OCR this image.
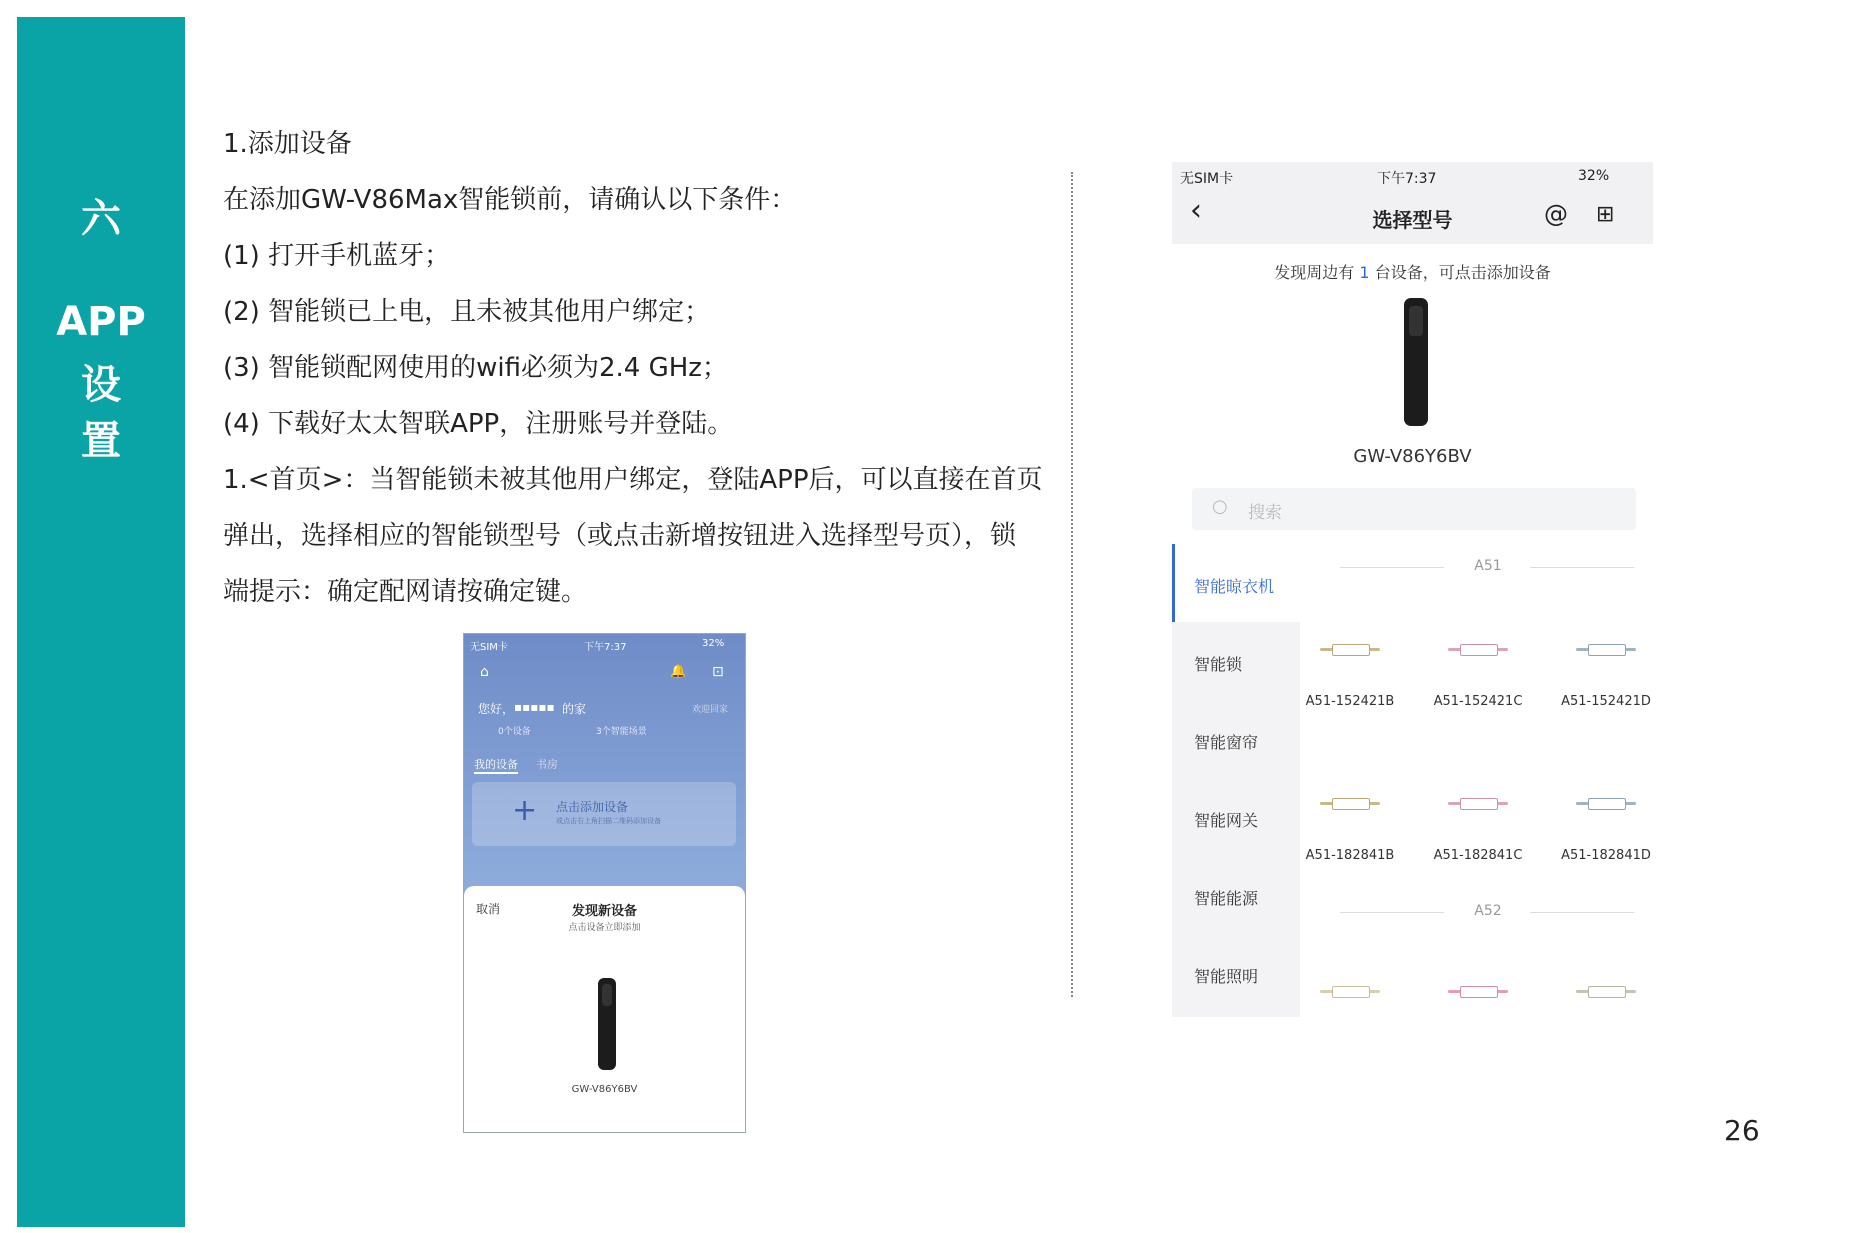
六
APP
设
置
1.添加设备
在添加GW-V86Max智能锁前，请确认以下条件：
(1) 打开手机蓝牙；
(2) 智能锁已上电，且未被其他用户绑定；
(3) 智能锁配网使用的wifi必须为2.4 GHz；
(4) 下载好太太智联APP，注册账号并登陆。
1.<首页>：当智能锁未被其他用户绑定，登陆APP后，可以直接在首页
弹出，选择相应的智能锁型号（或点击新增按钮进入选择型号页），锁
端提示：确定配网请按确定键。
无SIM卡	下午7:37	32%
⌂	🔔 ⊡
您好， ▪▪▪▪▪ 的家	欢迎回家
0个设备	3个智能场景
我的设备 书房
+ 点击添加设备
或点击右上角扫描二维码添加设备
取消	发现新设备
点击设备立即添加
GW-V86Y6BV
无SIM卡	下午7:37	32%
‹	选择型号	@ ⊞
发现周边有 1 台设备，可点击添加设备
GW-V86Y6BV
○ 搜索
智能晾衣机
智能锁
智能窗帘
智能网关
智能能源
智能照明
A51
A51-152421B	A51-152421C	A51-152421D
A51-182841B	A51-182841C	A51-182841D
A52
26
